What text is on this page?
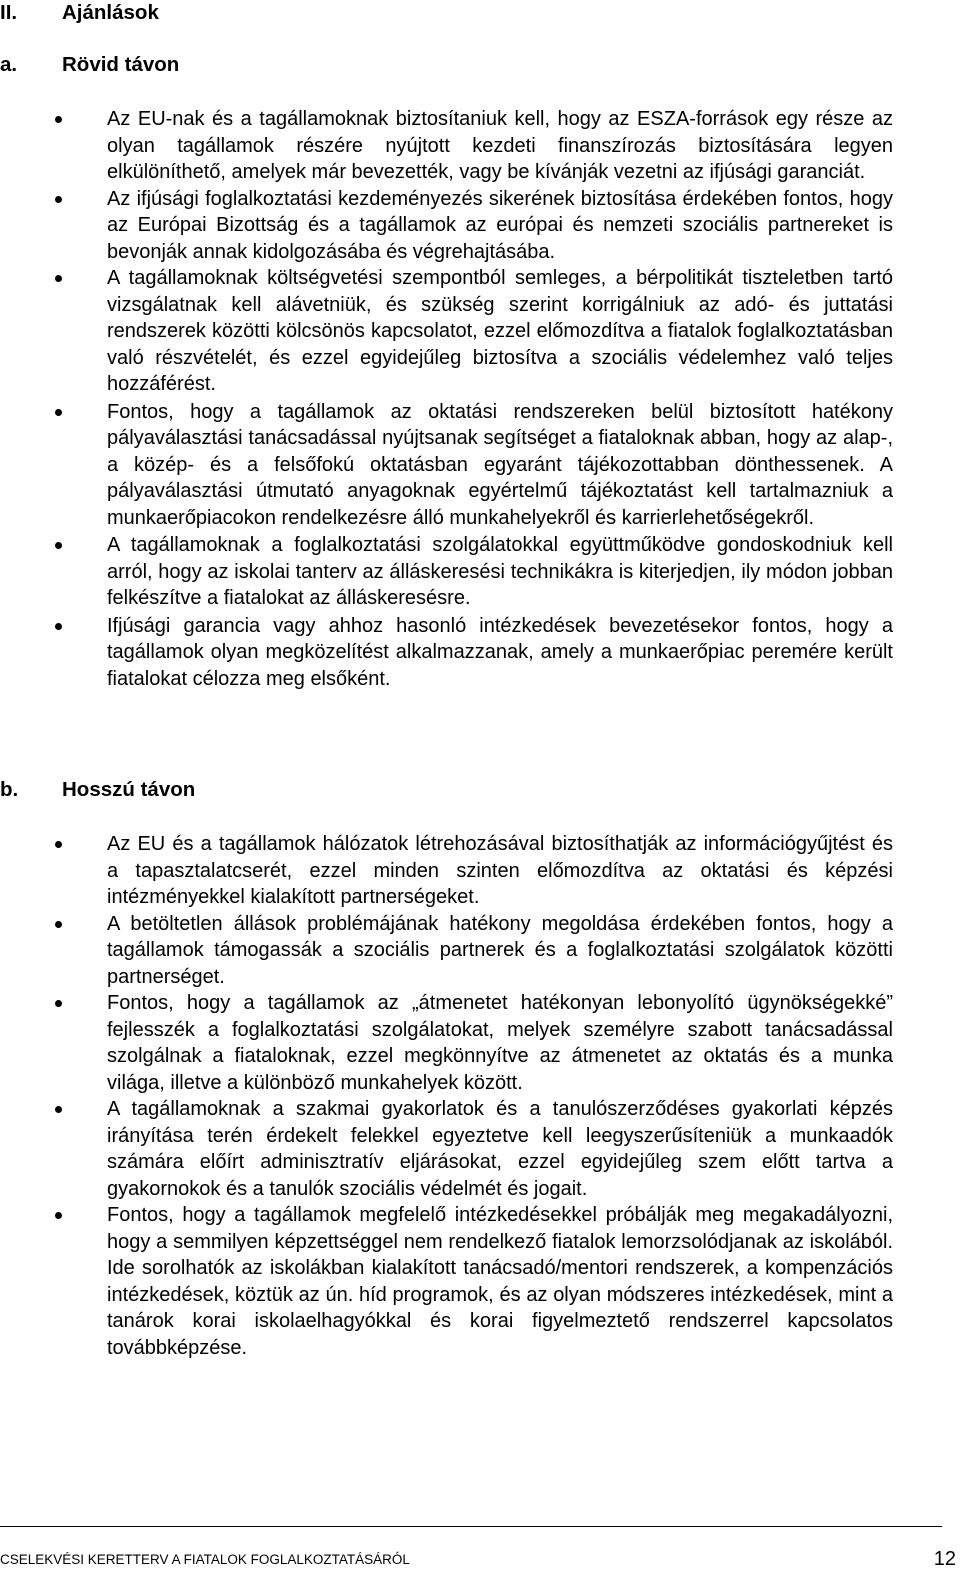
II. Ajánlások
a. Rövid távon
Az EU-nak és a tagállamoknak biztosítaniuk kell, hogy az ESZA-források egy része az olyan tagállamok részére nyújtott kezdeti finanszírozás biztosítására legyen elkülöníthető, amelyek már bevezették, vagy be kívánják vezetni az ifjúsági garanciát.
Az ifjúsági foglalkoztatási kezdeményezés sikerének biztosítása érdekében fontos, hogy az Európai Bizottság és a tagállamok az európai és nemzeti szociális partnereket is bevonják annak kidolgozásába és végrehajtásába.
A tagállamoknak költségvetési szempontból semleges, a bérpolitikát tiszteletben tartó vizsgálatnak kell alávetniük, és szükség szerint korrigálniuk az adó- és juttatási rendszerek közötti kölcsönös kapcsolatot, ezzel előmozdítva a fiatalok foglalkoztatásban való részvételét, és ezzel egyidejűleg biztosítva a szociális védelemhez való teljes hozzáférést.
Fontos, hogy a tagállamok az oktatási rendszereken belül biztosított hatékony pályaválasztási tanácsadással nyújtsanak segítséget a fiataloknak abban, hogy az alap-, a közép- és a felsőfokú oktatásban egyaránt tájékozottabban dönthessenek. A pályaválasztási útmutató anyagoknak egyértelmű tájékoztatást kell tartalmazniuk a munkaerőpiacokon rendelkezésre álló munkahelyekről és karrierlehetőségekről.
A tagállamoknak a foglalkoztatási szolgálatokkal együttműködve gondoskodniuk kell arról, hogy az iskolai tanterv az álláskeresési technikákra is kiterjedjen, ily módon jobban felkészítve a fiatalokat az álláskeresésre.
Ifjúsági garancia vagy ahhoz hasonló intézkedések bevezetésekor fontos, hogy a tagállamok olyan megközelítést alkalmazzanak, amely a munkaerőpiac peremére került fiatalokat célozza meg elsőként.
b. Hosszú távon
Az EU és a tagállamok hálózatok létrehozásával biztosíthatják az információgyűjtést és a tapasztalatcserét, ezzel minden szinten előmozdítva az oktatási és képzési intézményekkel kialakított partnerségeket.
A betöltetlen állások problémájának hatékony megoldása érdekében fontos, hogy a tagállamok támogassák a szociális partnerek és a foglalkoztatási szolgálatok közötti partnerséget.
Fontos, hogy a tagállamok az „átmenetet hatékonyan lebonyolító ügynökségekké” fejlesszék a foglalkoztatási szolgálatokat, melyek személyre szabott tanácsadással szolgálnak a fiataloknak, ezzel megkönnyítve az átmenetet az oktatás és a munka világa, illetve a különböző munkahelyek között.
A tagállamoknak a szakmai gyakorlatok és a tanulószerződéses gyakorlati képzés irányítása terén érdekelt felekkel egyeztetve kell leegyszerűsíteniük a munkaadók számára előírt adminisztratív eljárásokat, ezzel egyidejűleg szem előtt tartva a gyakornokok és a tanulók szociális védelmét és jogait.
Fontos, hogy a tagállamok megfelelő intézkedésekkel próbálják meg megakadályozni, hogy a semmilyen képzettséggel nem rendelkező fiatalok lemorzsolódjanak az iskolából. Ide sorolhatók az iskolákban kialakított tanácsadó/mentori rendszerek, a kompenzációs intézkedések, köztük az ún. híd programok, és az olyan módszeres intézkedések, mint a tanárok korai iskolaelhagyókkal és korai figyelmeztető rendszerrel kapcsolatos továbbképzése.
CSELEKVÉSI KERETTERV A FIATALOK FOGLALKOZTATÁSÁRÓL	12
